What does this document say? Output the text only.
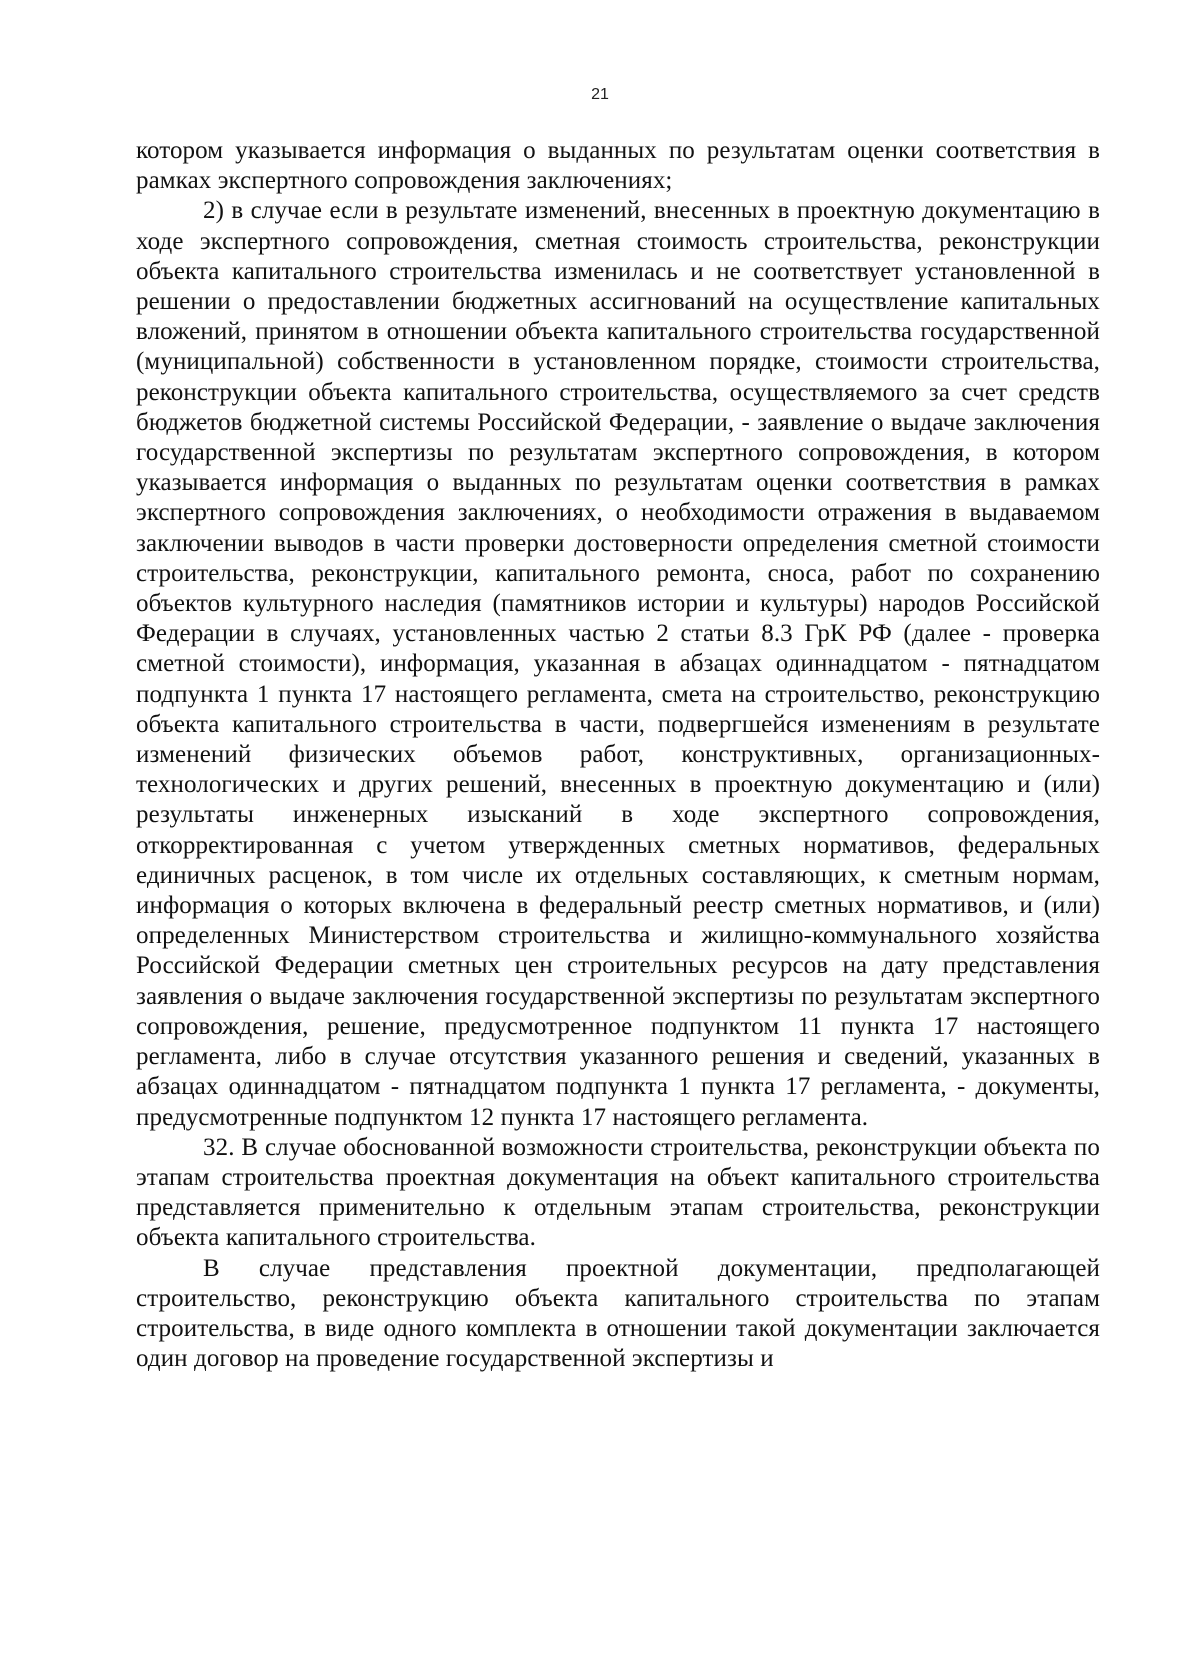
21

котором указывается информация о выданных по результатам оценки соответствия в рамках экспертного сопровождения заключениях;

2) в случае если в результате изменений, внесенных в проектную документацию в ходе экспертного сопровождения, сметная стоимость строительства, реконструкции объекта капитального строительства изменилась и не соответствует установленной в решении о предоставлении бюджетных ассигнований на осуществление капитальных вложений, принятом в отношении объекта капитального строительства государственной (муниципальной) собственности в установленном порядке, стоимости строительства, реконструкции объекта капитального строительства, осуществляемого за счет средств бюджетов бюджетной системы Российской Федерации, - заявление о выдаче заключения государственной экспертизы по результатам экспертного сопровождения, в котором указывается информация о выданных по результатам оценки соответствия в рамках экспертного сопровождения заключениях, о необходимости отражения в выдаваемом заключении выводов в части проверки достоверности определения сметной стоимости строительства, реконструкции, капитального ремонта, сноса, работ по сохранению объектов культурного наследия (памятников истории и культуры) народов Российской Федерации в случаях, установленных частью 2 статьи 8.3 ГрК РФ (далее - проверка сметной стоимости), информация, указанная в абзацах одиннадцатом - пятнадцатом подпункта 1 пункта 17 настоящего регламента, смета на строительство, реконструкцию объекта капитального строительства в части, подвергшейся изменениям в результате изменений физических объемов работ, конструктивных, организационных-технологических и других решений, внесенных в проектную документацию и (или) результаты инженерных изысканий в ходе экспертного сопровождения, откорректированная с учетом утвержденных сметных нормативов, федеральных единичных расценок, в том числе их отдельных составляющих, к сметным нормам, информация о которых включена в федеральный реестр сметных нормативов, и (или) определенных Министерством строительства и жилищно-коммунального хозяйства Российской Федерации сметных цен строительных ресурсов на дату представления заявления о выдаче заключения государственной экспертизы по результатам экспертного сопровождения, решение, предусмотренное подпунктом 11 пункта 17 настоящего регламента, либо в случае отсутствия указанного решения и сведений, указанных в абзацах одиннадцатом - пятнадцатом подпункта 1 пункта 17 регламента, - документы, предусмотренные подпунктом 12 пункта 17 настоящего регламента.

32. В случае обоснованной возможности строительства, реконструкции объекта по этапам строительства проектная документация на объект капитального строительства представляется применительно к отдельным этапам строительства, реконструкции объекта капитального строительства.

В случае представления проектной документации, предполагающей строительство, реконструкцию объекта капитального строительства по этапам строительства, в виде одного комплекта в отношении такой документации заключается один договор на проведение государственной экспертизы и
